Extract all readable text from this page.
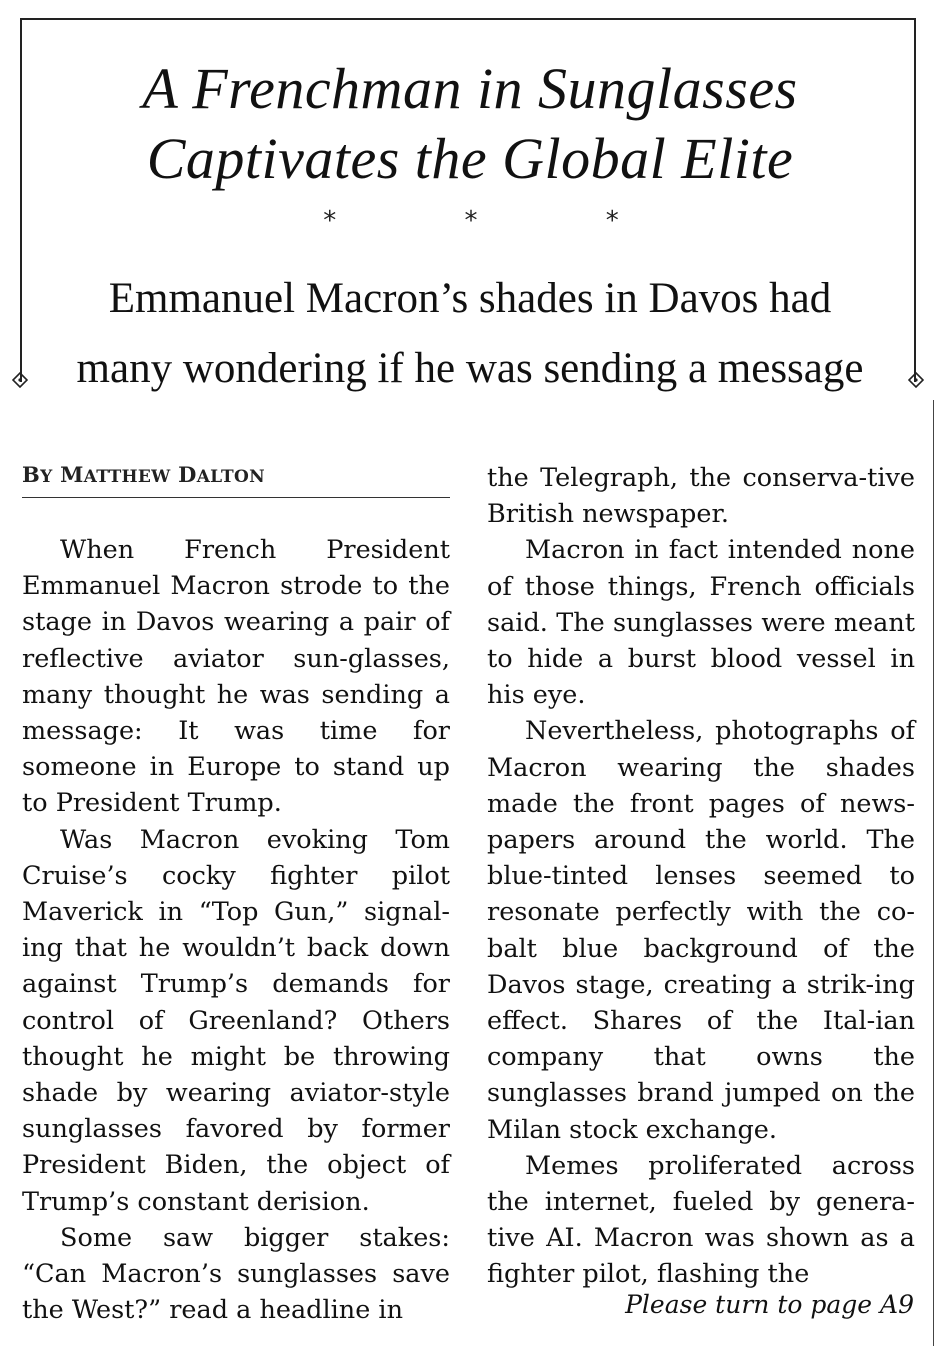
A Frenchman in Sunglasses
Captivates the Global Elite
* * *
Emmanuel Macron’s shades in Davos had
many wondering if he was sending a message
BY MATTHEW DALTON

When French President Emmanuel Macron strode to the stage in Davos wearing a pair of reflective aviator sun-glasses, many thought he was sending a message: It was time for someone in Europe to stand up to President Trump.

Was Macron evoking Tom Cruise’s cocky fighter pilot Maverick in “Top Gun,” signal-ing that he wouldn’t back down against Trump’s demands for control of Greenland? Others thought he might be throwing shade by wearing aviator-style sunglasses favored by former President Biden, the object of Trump’s constant derision.

Some saw bigger stakes: “Can Macron’s sunglasses save the West?” read a headline in

the Telegraph, the conserva-tive British newspaper.

Macron in fact intended none of those things, French officials said. The sunglasses were meant to hide a burst blood vessel in his eye.

Nevertheless, photographs of Macron wearing the shades made the front pages of news-papers around the world. The blue-tinted lenses seemed to resonate perfectly with the co-balt blue background of the Davos stage, creating a strik-ing effect. Shares of the Ital-ian company that owns the sunglasses brand jumped on the Milan stock exchange.

Memes proliferated across the internet, fueled by genera-tive AI. Macron was shown as a fighter pilot, flashing the

Please turn to page A9
